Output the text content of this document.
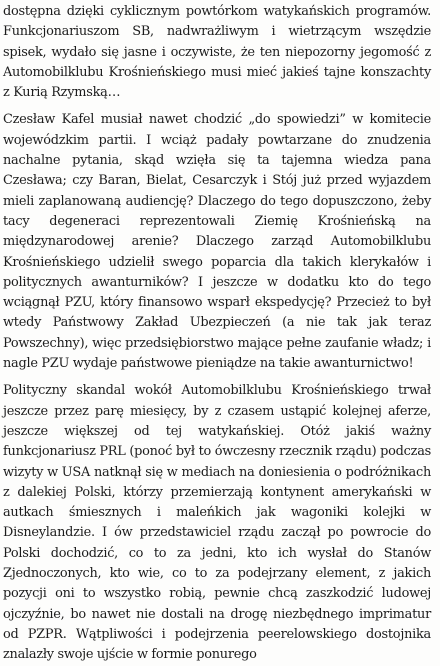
dostępna dzięki cyklicznym powtórkom watykańskich programów. Funkcjonariuszom SB, nadwrażliwym i wietrzącym wszędzie spisek, wydało się jasne i oczywiste, że ten niepozorny jegomość z Automobilklubu Krośnieńskiego musi mieć jakieś tajne konszachty z Kurią Rzymską…

Czesław Kafel musiał nawet chodzić „do spowiedzi” w komitecie wojewódzkim partii. I wciąż padały powtarzane do znudzenia nachalne pytania, skąd wzięła się ta tajemna wiedza pana Czesława; czy Baran, Bielat, Cesarczyk i Stój już przed wyjazdem mieli zaplanowaną audiencję? Dlaczego do tego dopuszczono, żeby tacy degeneraci reprezentowali Ziemię Krośnieńską na międzynarodowej arenie? Dlaczego zarząd Automobilklubu Krośnieńskiego udzielił swego poparcia dla takich klerykałów i politycznych awanturników? I jeszcze w dodatku kto do tego wciągnął PZU, który finansowo wsparł ekspedycję? Przecież to był wtedy Państwowy Zakład Ubezpieczeń (a nie tak jak teraz Powszechny), więc przedsiębiorstwo mające pełne zaufanie władz; i nagle PZU wydaje państwowe pieniądze na takie awanturnictwo!

Polityczny skandal wokół Automobilklubu Krośnieńskiego trwał jeszcze przez parę miesięcy, by z czasem ustąpić kolejnej aferze, jeszcze większej od tej watykańskiej. Otóż jakiś ważny funkcjonariusz PRL (ponoć był to ówczesny rzecznik rządu) podczas wizyty w USA natknął się w mediach na doniesienia o podróżnikach z dalekiej Polski, którzy przemierzają kontynent amerykański w autkach śmiesznych i maleńkich jak wagoniki kolejki w Disneylandzie. I ów przedstawiciel rządu zaczął po powrocie do Polski dochodzić, co to za jedni, kto ich wysłał do Stanów Zjednoczonych, kto wie, co to za podejrzany element, z jakich pozycji oni to wszystko robią, pewnie chcą zaszkodzić ludowej ojczyźnie, bo nawet nie dostali na drogę niezbędnego imprimatur od PZPR. Wątpliwości i podejrzenia peerelowskiego dostojnika znalazły swoje ujście w formie ponurego
